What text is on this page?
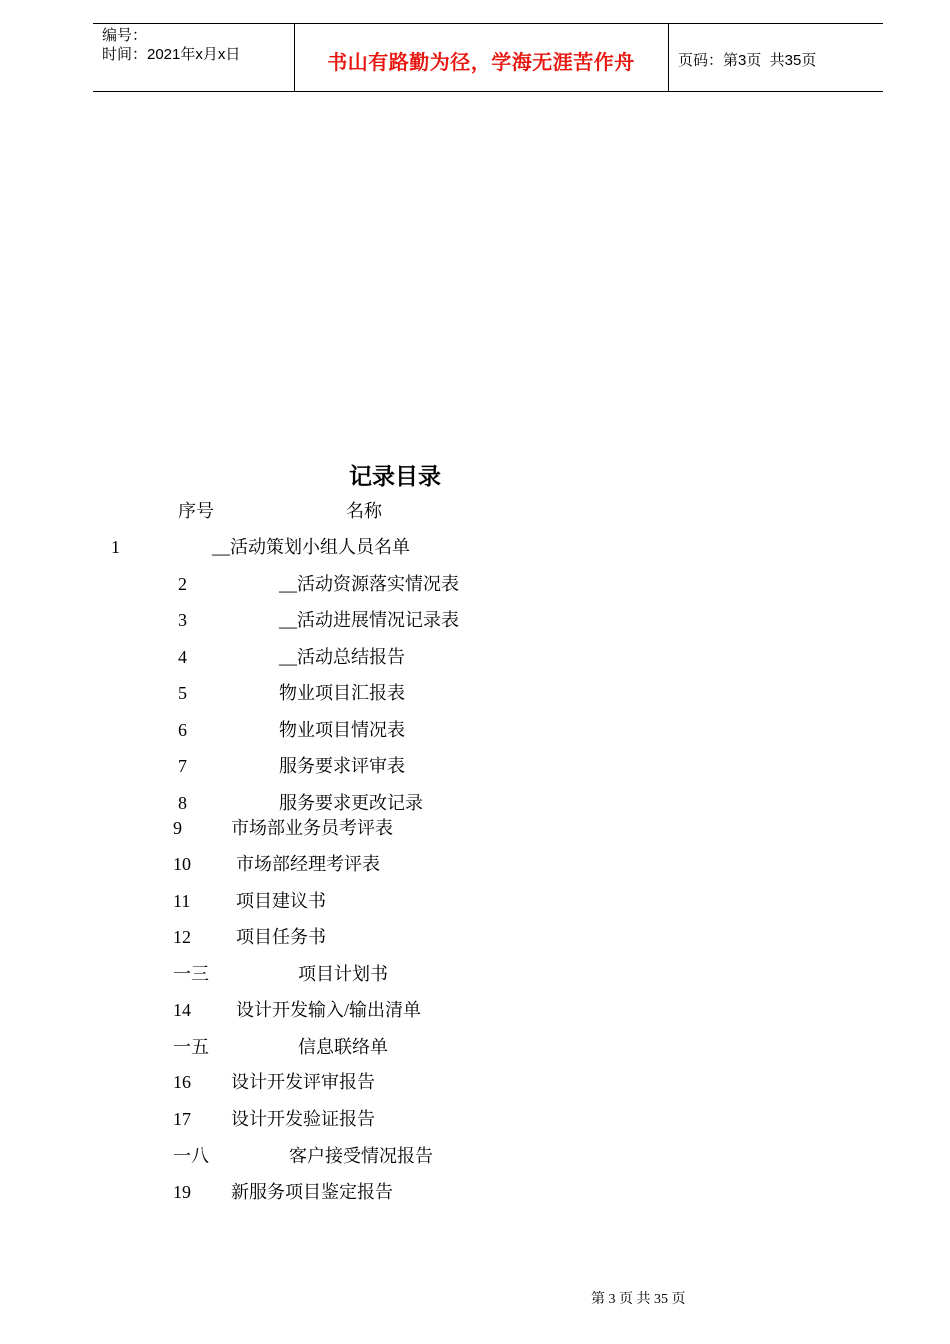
编号：
时间：2021年x月x日	书山有路勤为径，学海无涯苦作舟	页码：第3页  共35页
记录目录
序号	名称
1	__活动策划小组人员名单
2	__活动资源落实情况表
3	__活动进展情况记录表
4	__活动总结报告
5	物业项目汇报表
6	物业项目情况表
7	服务要求评审表
8	服务要求更改记录
9	市场部业务员考评表
10	市场部经理考评表
11	项目建议书
12	项目任务书
一三	项目计划书
14	设计开发输入/输出清单
一五	信息联络单
16 设计开发评审报告
17 设计开发验证报告
一八	客户接受情况报告
19 新服务项目鉴定报告
第 3 页 共 35 页
